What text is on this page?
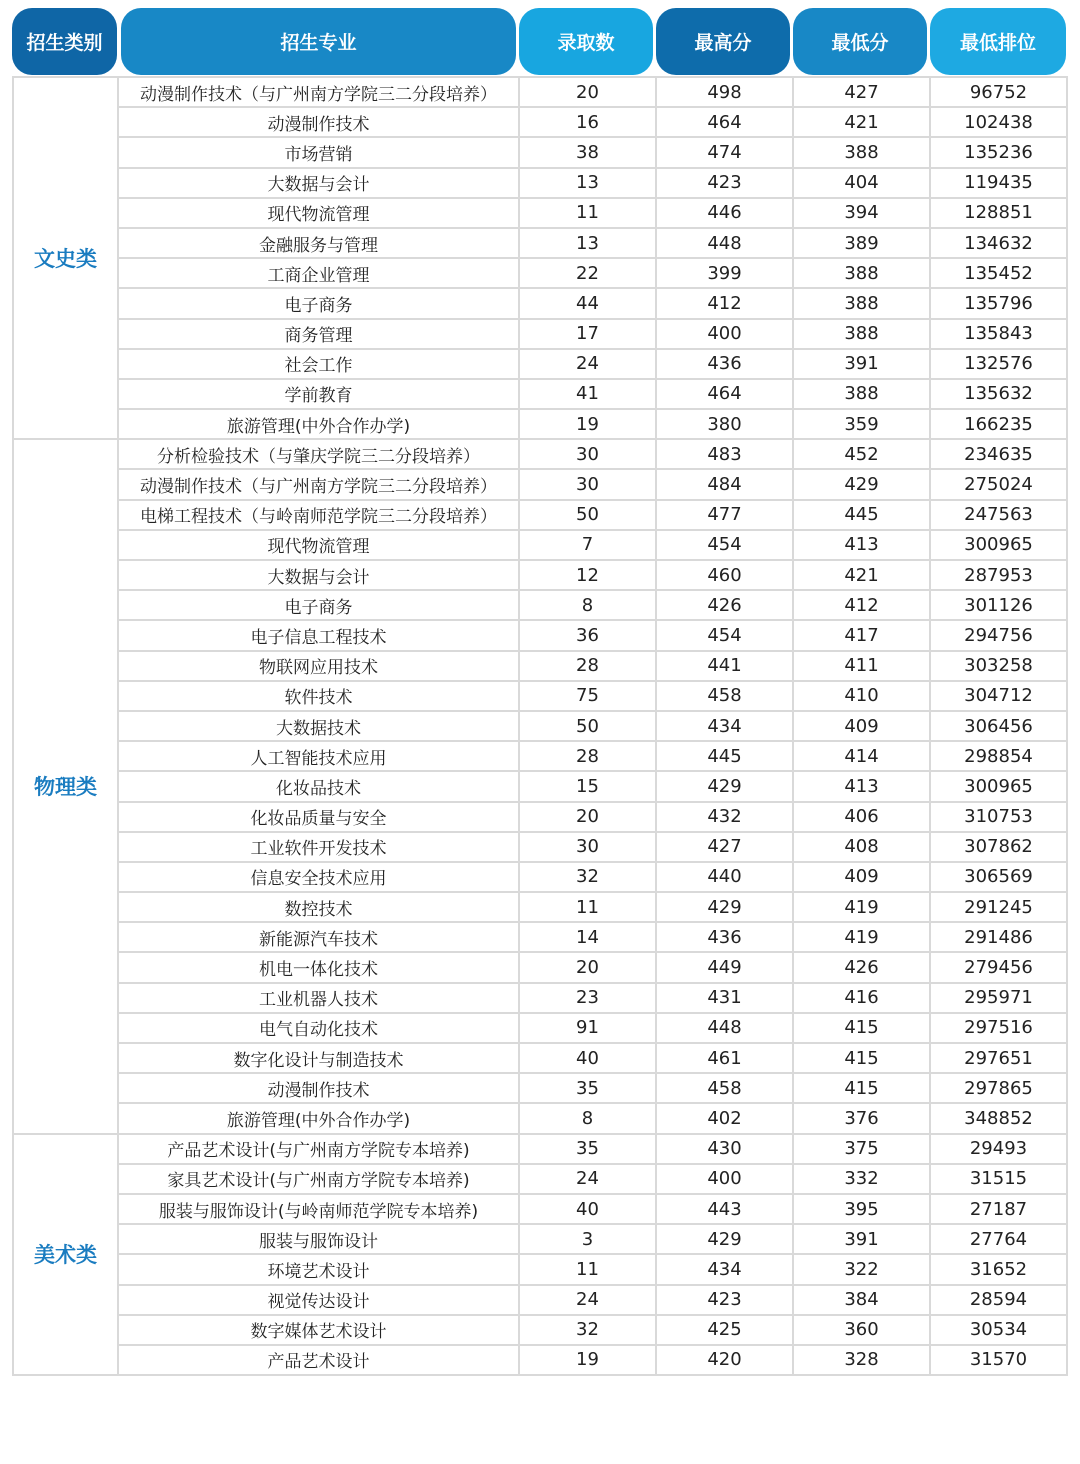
招生类别	招生专业	录取数	最高分	最低分	最低排位
文史类	动漫制作技术（与广州南方学院三二分段培养）	20	498	427	96752
	动漫制作技术	16	464	421	102438
	市场营销	38	474	388	135236
	大数据与会计	13	423	404	119435
	现代物流管理	11	446	394	128851
	金融服务与管理	13	448	389	134632
	工商企业管理	22	399	388	135452
	电子商务	44	412	388	135796
	商务管理	17	400	388	135843
	社会工作	24	436	391	132576
	学前教育	41	464	388	135632
	旅游管理(中外合作办学)	19	380	359	166235
物理类	分析检验技术（与肇庆学院三二分段培养）	30	483	452	234635
	动漫制作技术（与广州南方学院三二分段培养）	30	484	429	275024
	电梯工程技术（与岭南师范学院三二分段培养）	50	477	445	247563
	现代物流管理	7	454	413	300965
	大数据与会计	12	460	421	287953
	电子商务	8	426	412	301126
	电子信息工程技术	36	454	417	294756
	物联网应用技术	28	441	411	303258
	软件技术	75	458	410	304712
	大数据技术	50	434	409	306456
	人工智能技术应用	28	445	414	298854
	化妆品技术	15	429	413	300965
	化妆品质量与安全	20	432	406	310753
	工业软件开发技术	30	427	408	307862
	信息安全技术应用	32	440	409	306569
	数控技术	11	429	419	291245
	新能源汽车技术	14	436	419	291486
	机电一体化技术	20	449	426	279456
	工业机器人技术	23	431	416	295971
	电气自动化技术	91	448	415	297516
	数字化设计与制造技术	40	461	415	297651
	动漫制作技术	35	458	415	297865
	旅游管理(中外合作办学)	8	402	376	348852
美术类	产品艺术设计(与广州南方学院专本培养)	35	430	375	29493
	家具艺术设计(与广州南方学院专本培养)	24	400	332	31515
	服装与服饰设计(与岭南师范学院专本培养)	40	443	395	27187
	服装与服饰设计	3	429	391	27764
	环境艺术设计	11	434	322	31652
	视觉传达设计	24	423	384	28594
	数字媒体艺术设计	32	425	360	30534
	产品艺术设计	19	420	328	31570
